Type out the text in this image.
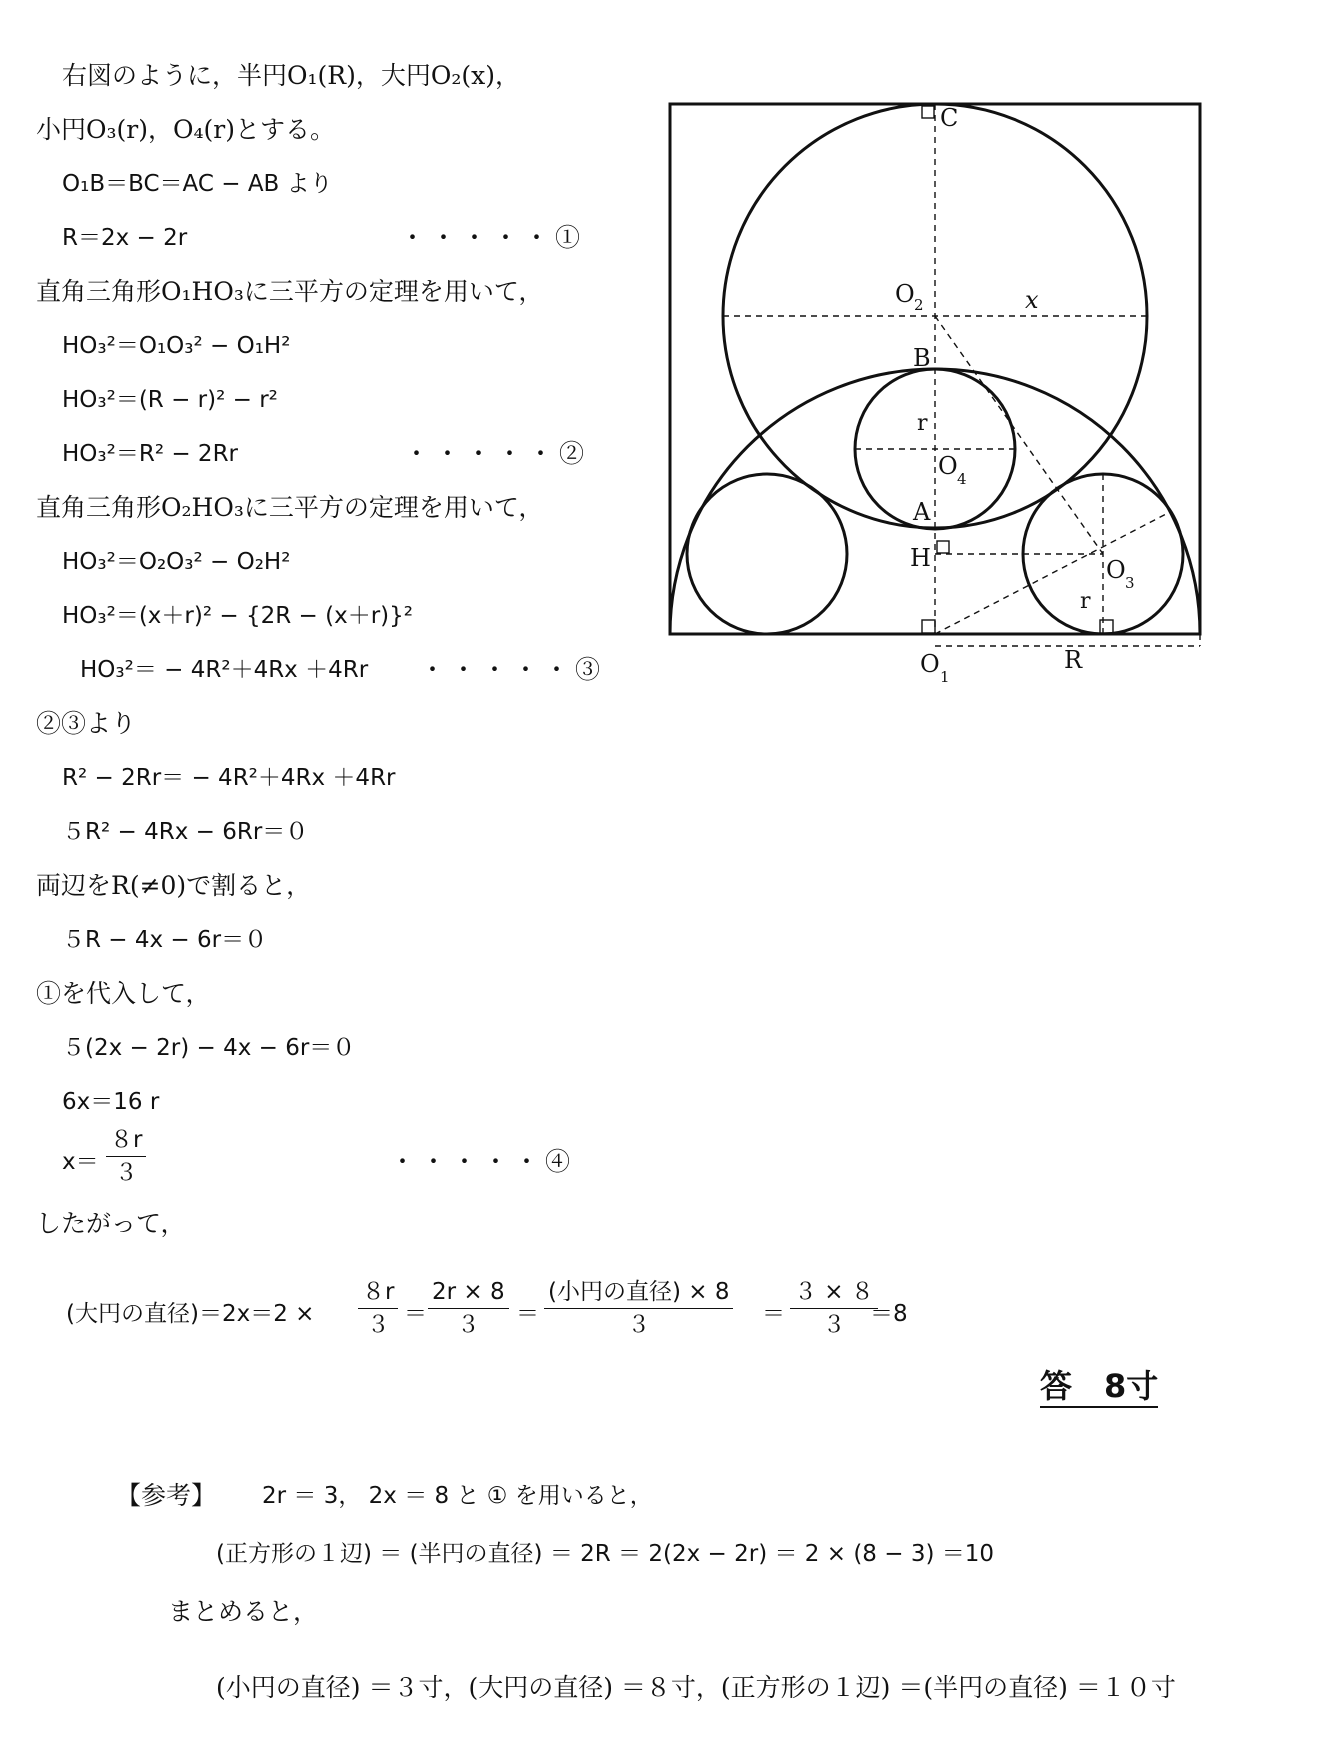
右図のように，半円O₁(R)，大円O₂(x)，
小円O₃(r)，O₄(r)とする。
O₁B＝BC＝AC − AB より
R＝2x − 2r	・・・・・①
直角三角形O₁HO₃に三平方の定理を用いて，
HO₃²＝O₁O₃² − O₁H²
HO₃²＝(R − r)² − r²
HO₃²＝R² − 2Rr	・・・・・②
直角三角形O₂HO₃に三平方の定理を用いて，
HO₃²＝O₂O₃² − O₂H²
HO₃²＝(x＋r)² − {2R − (x＋r)}²
HO₃²＝ − 4R²＋4Rx ＋4Rr ・・・・・③
②③より
R² − 2Rr＝ − 4R²＋4Rx ＋4Rr
５R² − 4Rx − 6Rr＝０
両辺をR(≠0)で割ると，
５R − 4x − 6r＝０
①を代入して，
５(2x − 2r) − 4x − 6r＝０
6x＝16 r
x＝
８r
３	・・・・・④
したがって，
(大円の直径)＝2x＝2 ×
８r
３ ＝
2r × 8
３	＝
(小円の直径) × 8
３	＝
３ × ８
３	＝8
答　8寸
【参考】 2r ＝ 3， 2x ＝ 8 と ① を用いると，
(正方形の１辺) ＝ (半円の直径) ＝ 2R ＝ 2(2x − 2r) ＝ 2 × (8 − 3) ＝10
まとめると，
(小円の直径) ＝３寸，(大円の直径) ＝８寸，(正方形の１辺) ＝(半円の直径) ＝１０寸
C
O 2	x
B
r
O 4
A
H	O 3
r
O 1
R
